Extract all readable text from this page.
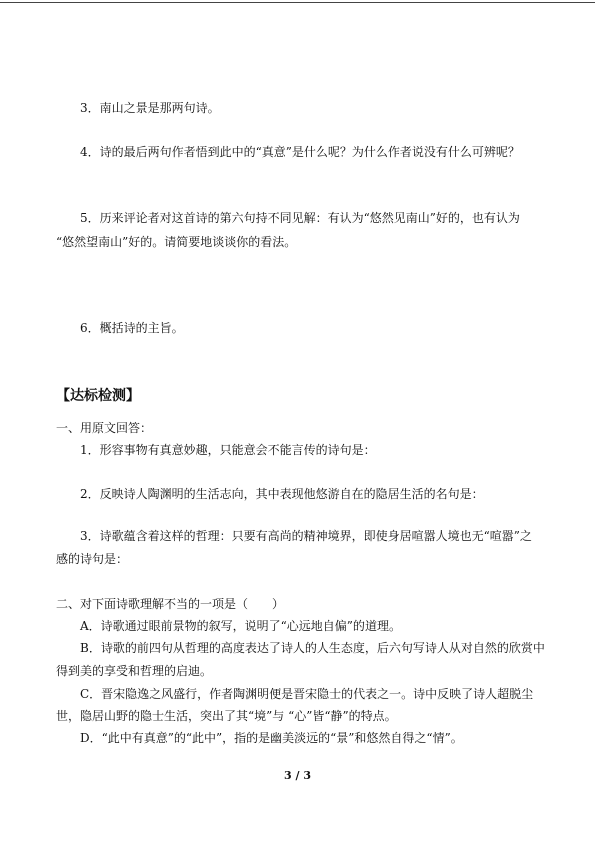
3．南山之景是那两句诗。
4．诗的最后两句作者悟到此中的“真意”是什么呢？为什么作者说没有什么可辨呢？
5．历来评论者对这首诗的第六句持不同见解：有认为“悠然见南山”好的，也有认为
“悠然望南山”好的。请简要地谈谈你的看法。
6．概括诗的主旨。
【达标检测】
一、用原文回答：
1．形容事物有真意妙趣，只能意会不能言传的诗句是：
2．反映诗人陶渊明的生活志向，其中表现他悠游自在的隐居生活的名句是：
3．诗歌蕴含着这样的哲理：只要有高尚的精神境界，即使身居喧嚣人境也无“喧嚣”之
感的诗句是：
二、对下面诗歌理解不当的一项是（　　）
A．诗歌通过眼前景物的叙写，说明了“心远地自偏”的道理。
B．诗歌的前四句从哲理的高度表达了诗人的人生态度，后六句写诗人从对自然的欣赏中
得到美的享受和哲理的启迪。
C．晋宋隐逸之风盛行，作者陶渊明便是晋宋隐士的代表之一。诗中反映了诗人超脱尘
世，隐居山野的隐士生活，突出了其“境”与 “心”皆“静”的特点。
D．“此中有真意”的“此中”，指的是幽美淡远的“景”和悠然自得之“情”。
3 / 3
